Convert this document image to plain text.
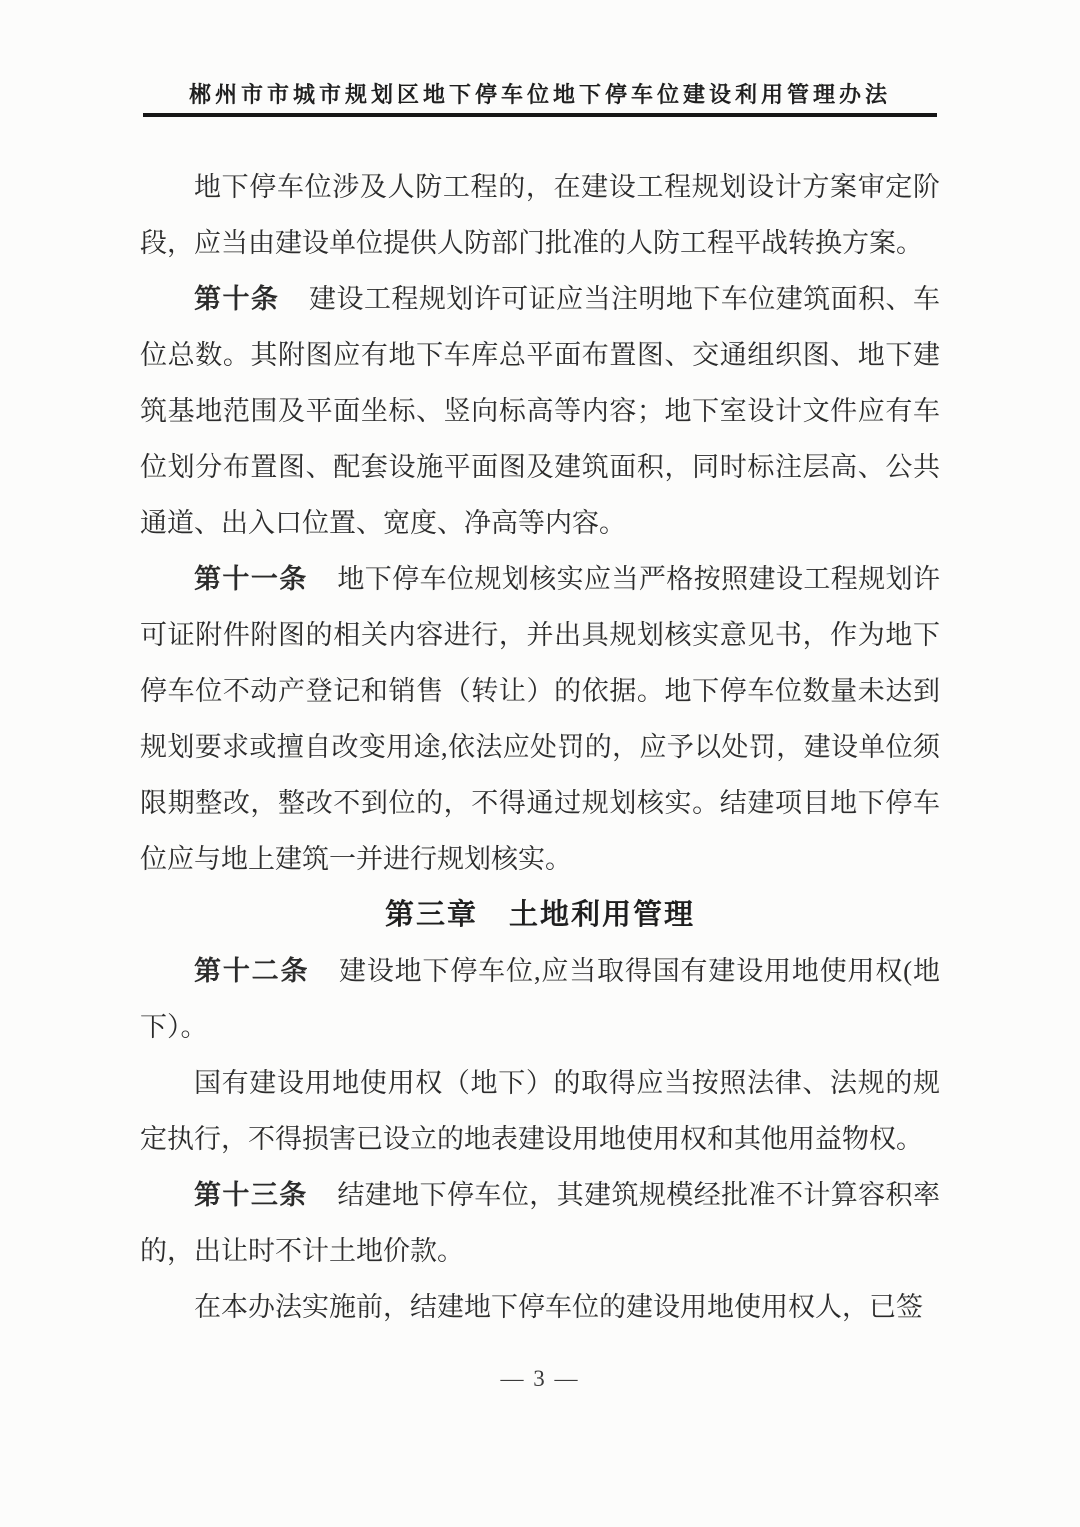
郴州市市城市规划区地下停车位地下停车位建设利用管理办法

地下停车位涉及人防工程的，在建设工程规划设计方案审定阶段，应当由建设单位提供人防部门批准的人防工程平战转换方案。

第十条 建设工程规划许可证应当注明地下车位建筑面积、车位总数。其附图应有地下车库总平面布置图、交通组织图、地下建筑基地范围及平面坐标、竖向标高等内容；地下室设计文件应有车位划分布置图、配套设施平面图及建筑面积，同时标注层高、公共通道、出入口位置、宽度、净高等内容。

第十一条 地下停车位规划核实应当严格按照建设工程规划许可证附件附图的相关内容进行，并出具规划核实意见书，作为地下停车位不动产登记和销售（转让）的依据。地下停车位数量未达到规划要求或擅自改变用途,依法应处罚的，应予以处罚，建设单位须限期整改，整改不到位的，不得通过规划核实。结建项目地下停车位应与地上建筑一并进行规划核实。

第三章　土地利用管理

第十二条 建设地下停车位,应当取得国有建设用地使用权(地下）。

国有建设用地使用权（地下）的取得应当按照法律、法规的规定执行，不得损害已设立的地表建设用地使用权和其他用益物权。

第十三条 结建地下停车位，其建筑规模经批准不计算容积率的，出让时不计土地价款。

在本办法实施前，结建地下停车位的建设用地使用权人，已签

— 3 —
